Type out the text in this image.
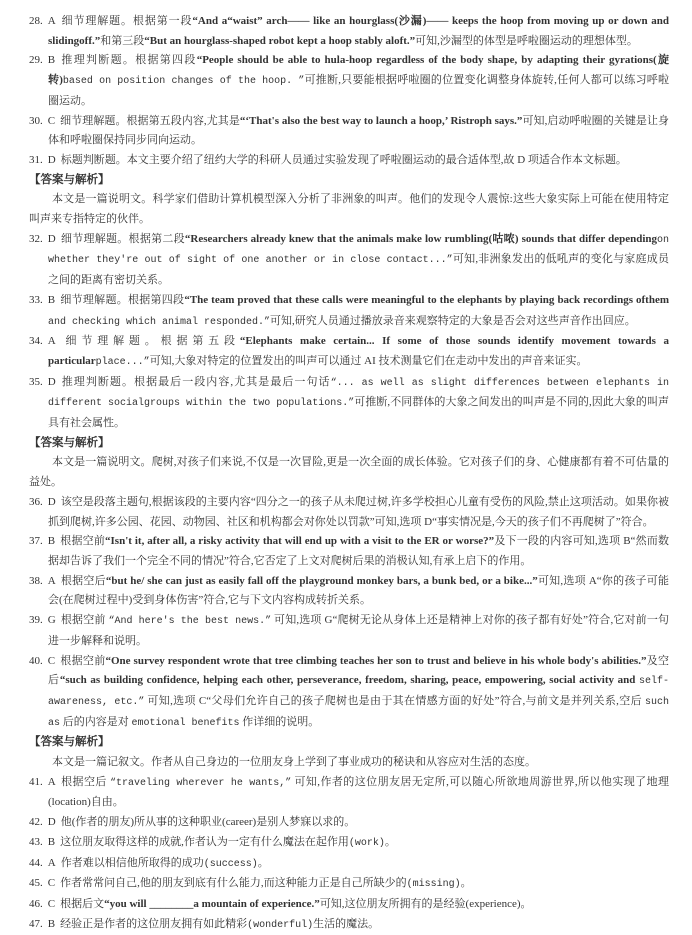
28. A 细节理解题。根据第一段“And a“waist” arch—— like an hourglass(沙漏)—— keeps the hoop from moving up or down and slidingoff.”和第三段“But an hourglass-shaped robot kept a hoop stably aloft.”可知,沙漏型的体型是呼啦圈运动的理想体型。

29. B 推理判断题。根据第四段“People should be able to hula-hoop regardless of the body shape, by adapting their gyrations(旋转)based on position changes of the hoop. ”可推断,只要能根据呼啦圈的位置变化调整身体旋转,任何人都可以练习呼啦圈运动。

30. C 细节理解题。根据第五段内容,尤其是“‘That's also the best way to launch a hoop,’ Ristroph says.”可知,启动呼啦圈的关键是让身体和呼啦圈保持同步同向运动。

31. D 标题判断题。本文主要介绍了纽约大学的科研人员通过实验发现了呼啦圈运动的最合适体型,故 D 项适合作本文标题。

【答案与解析】

本文是一篇说明文。科学家们借助计算机模型深入分析了非洲象的叫声。他们的发现令人震惊:这些大象实际上可能在使用特定叫声来专指特定的伙伴。

32. D 细节理解题。根据第二段“Researchers already knew that the animals make low rumbling(咕哝) sounds that differ dependingon whether they're out of sight of one another or in close contact...”可知,非洲象发出的低吼声的变化与家庭成员之间的距离有密切关系。

33. B 细节理解题。根据第四段“The team proved that these calls were meaningful to the elephants by playing back recordings ofthem and checking which animal responded.”可知,研究人员通过播放录音来观察特定的大象是否会对这些声音作出回应。

34. A 细节理解题。根据第五段“Elephants make certain... If some of those sounds identify movement towards a particularplace...”可知,大象对特定的位置发出的叫声可以通过 AI 技术测量它们在走动中发出的声音来证实。

35. D 推理判断题。根据最后一段内容,尤其是最后一句话“... as well as slight differences between elephants in different socialgroups within the two populations.”可推断,不同群体的大象之间发出的叫声是不同的,因此大象的叫声具有社会属性。

【答案与解析】

本文是一篇说明文。爬树,对孩子们来说,不仅是一次冒险,更是一次全面的成长体验。它对孩子们的身、心健康都有着不可估量的益处。

36. D 该空是段落主题句,根据该段的主要内容“四分之一的孩子从未爬过树,许多学校担心儿童有受伤的风险,禁止这项活动。如果你被抓到爬树,许多公园、花园、动物园、社区和机构都会对你处以罚款”可知,选项 D“事实情况是,今天的孩子们不再爬树了”符合。

37. B 根据空前“Isn't it, after all, a risky activity that will end up with a visit to the ER or worse?”及下一段的内容可知,选项 B“然而数据却告诉了我们一个完全不同的情况”符合,它否定了上文对爬树后果的消极认知,有承上启下的作用。

38. A 根据空后“but he/ she can just as easily fall off the playground monkey bars, a bunk bed, or a bike...”可知,选项 A“你的孩子可能会(在爬树过程中)受到身体伤害”符合,它与下文内容构成转折关系。

39. G 根据空前 “And here's the best news.” 可知,选项 G“爬树无论从身体上还是精神上对你的孩子都有好处”符合,它对前一句进一步解释和说明。

40. C 根据空前“One survey respondent wrote that tree climbing teaches her son to trust and believe in his whole body's abilities.”及空后“such as building confidence, helping each other, perseverance, freedom, sharing, peace, empowering, social activity and self-awareness, etc.” 可知,选项 C“父母们允许自己的孩子爬树也是由于其在情感方面的好处”符合,与前文是并列关系,空后 such as 后的内容是对 emotional benefits 作详细的说明。

【答案与解析】

本文是一篇记叙文。作者从自己身边的一位朋友身上学到了事业成功的秘诀和从容应对生活的态度。

41. A 根据空后 “traveling wherever he wants,” 可知,作者的这位朋友居无定所,可以随心所欲地周游世界,所以他实现了地理(location)自由。

42. D 他(作者的朋友)所从事的这种职业(career)是别人梦寐以求的。

43. B 这位朋友取得这样的成就,作者认为一定有什么魔法在起作用(work)。

44. A 作者难以相信他所取得的成功(success)。

45. C 作者常常问自己,他的朋友到底有什么能力,而这种能力正是自己所缺少的(missing)。

46. C 根据后文“you will ________a mountain of experience.”可知,这位朋友所拥有的是经验(experience)。

47. B 经验正是作者的这位朋友拥有如此精彩(wonderful)生活的魔法。
